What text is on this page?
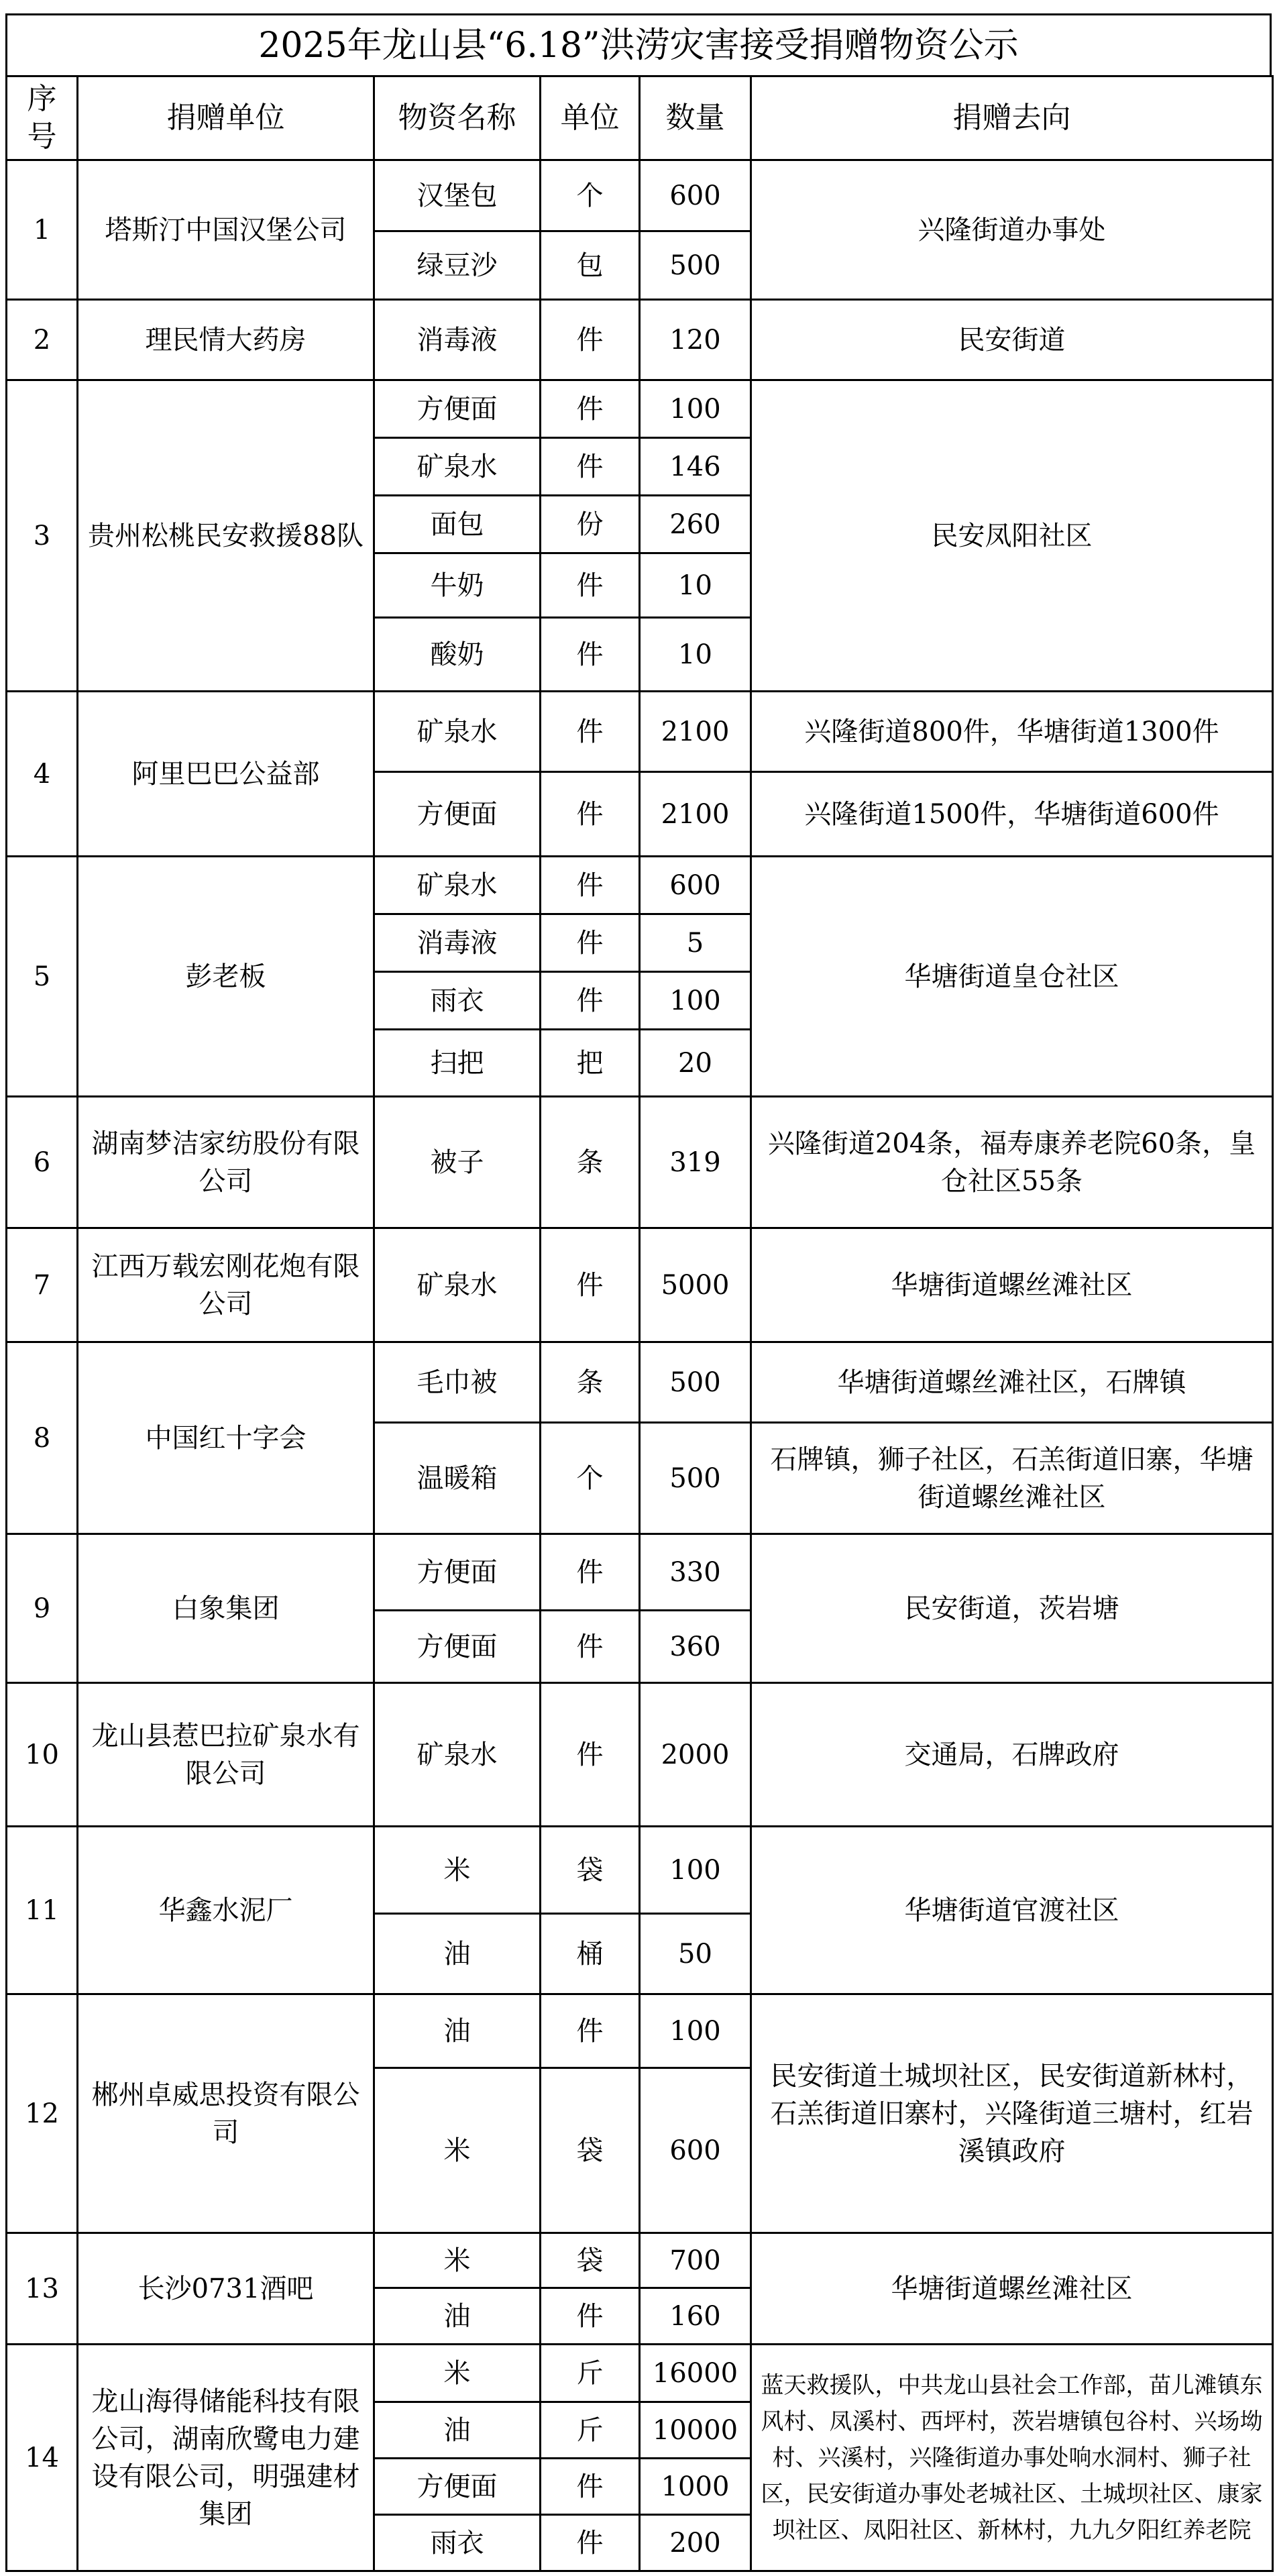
2025年龙山县“6.18”洪涝灾害接受捐赠物资公示
序号	捐赠单位	物资名称	单位	数量	捐赠去向
1	塔斯汀中国汉堡公司	汉堡包	个	600	兴隆街道办事处
		绿豆沙	包	500	
2	理民情大药房	消毒液	件	120	民安街道
3	贵州松桃民安救援88队	方便面	件	100	民安凤阳社区
		矿泉水	件	146	
		面包	份	260	
		牛奶	件	10	
		酸奶	件	10	
4	阿里巴巴公益部	矿泉水	件	2100	兴隆街道800件，华塘街道1300件
		方便面	件	2100	兴隆街道1500件，华塘街道600件
5	彭老板	矿泉水	件	600	华塘街道皇仓社区
		消毒液	件	5	
		雨衣	件	100	
		扫把	把	20	
6	湖南梦洁家纺股份有限公司	被子	条	319	兴隆街道204条，福寿康养老院60条，皇仓社区55条
7	江西万载宏刚花炮有限公司	矿泉水	件	5000	华塘街道螺丝滩社区
8	中国红十字会	毛巾被	条	500	华塘街道螺丝滩社区，石牌镇
		温暖箱	个	500	石牌镇，狮子社区，石羔街道旧寨，华塘街道螺丝滩社区
9	白象集团	方便面	件	330	民安街道，茨岩塘
		方便面	件	360	
10	龙山县惹巴拉矿泉水有限公司	矿泉水	件	2000	交通局，石牌政府
11	华鑫水泥厂	米	袋	100	华塘街道官渡社区
		油	桶	50	
12	郴州卓威思投资有限公司	油	件	100	民安街道土城坝社区，民安街道新林村，石羔街道旧寨村，兴隆街道三塘村，红岩溪镇政府
		米	袋	600	
13	长沙0731酒吧	米	袋	700	华塘街道螺丝滩社区
		油	件	160	
14	龙山海得储能科技有限公司，湖南欣鹭电力建设有限公司，明强建材集团	米	斤	16000	蓝天救援队，中共龙山县社会工作部，苗儿滩镇东风村、凤溪村、西坪村，茨岩塘镇包谷村、兴场坳村、兴溪村，兴隆街道办事处响水洞村、狮子社区，民安街道办事处老城社区、土城坝社区、康家坝社区、凤阳社区、新林村，九九夕阳红养老院
		油	斤	10000	
		方便面	件	1000	
		雨衣	件	200	
